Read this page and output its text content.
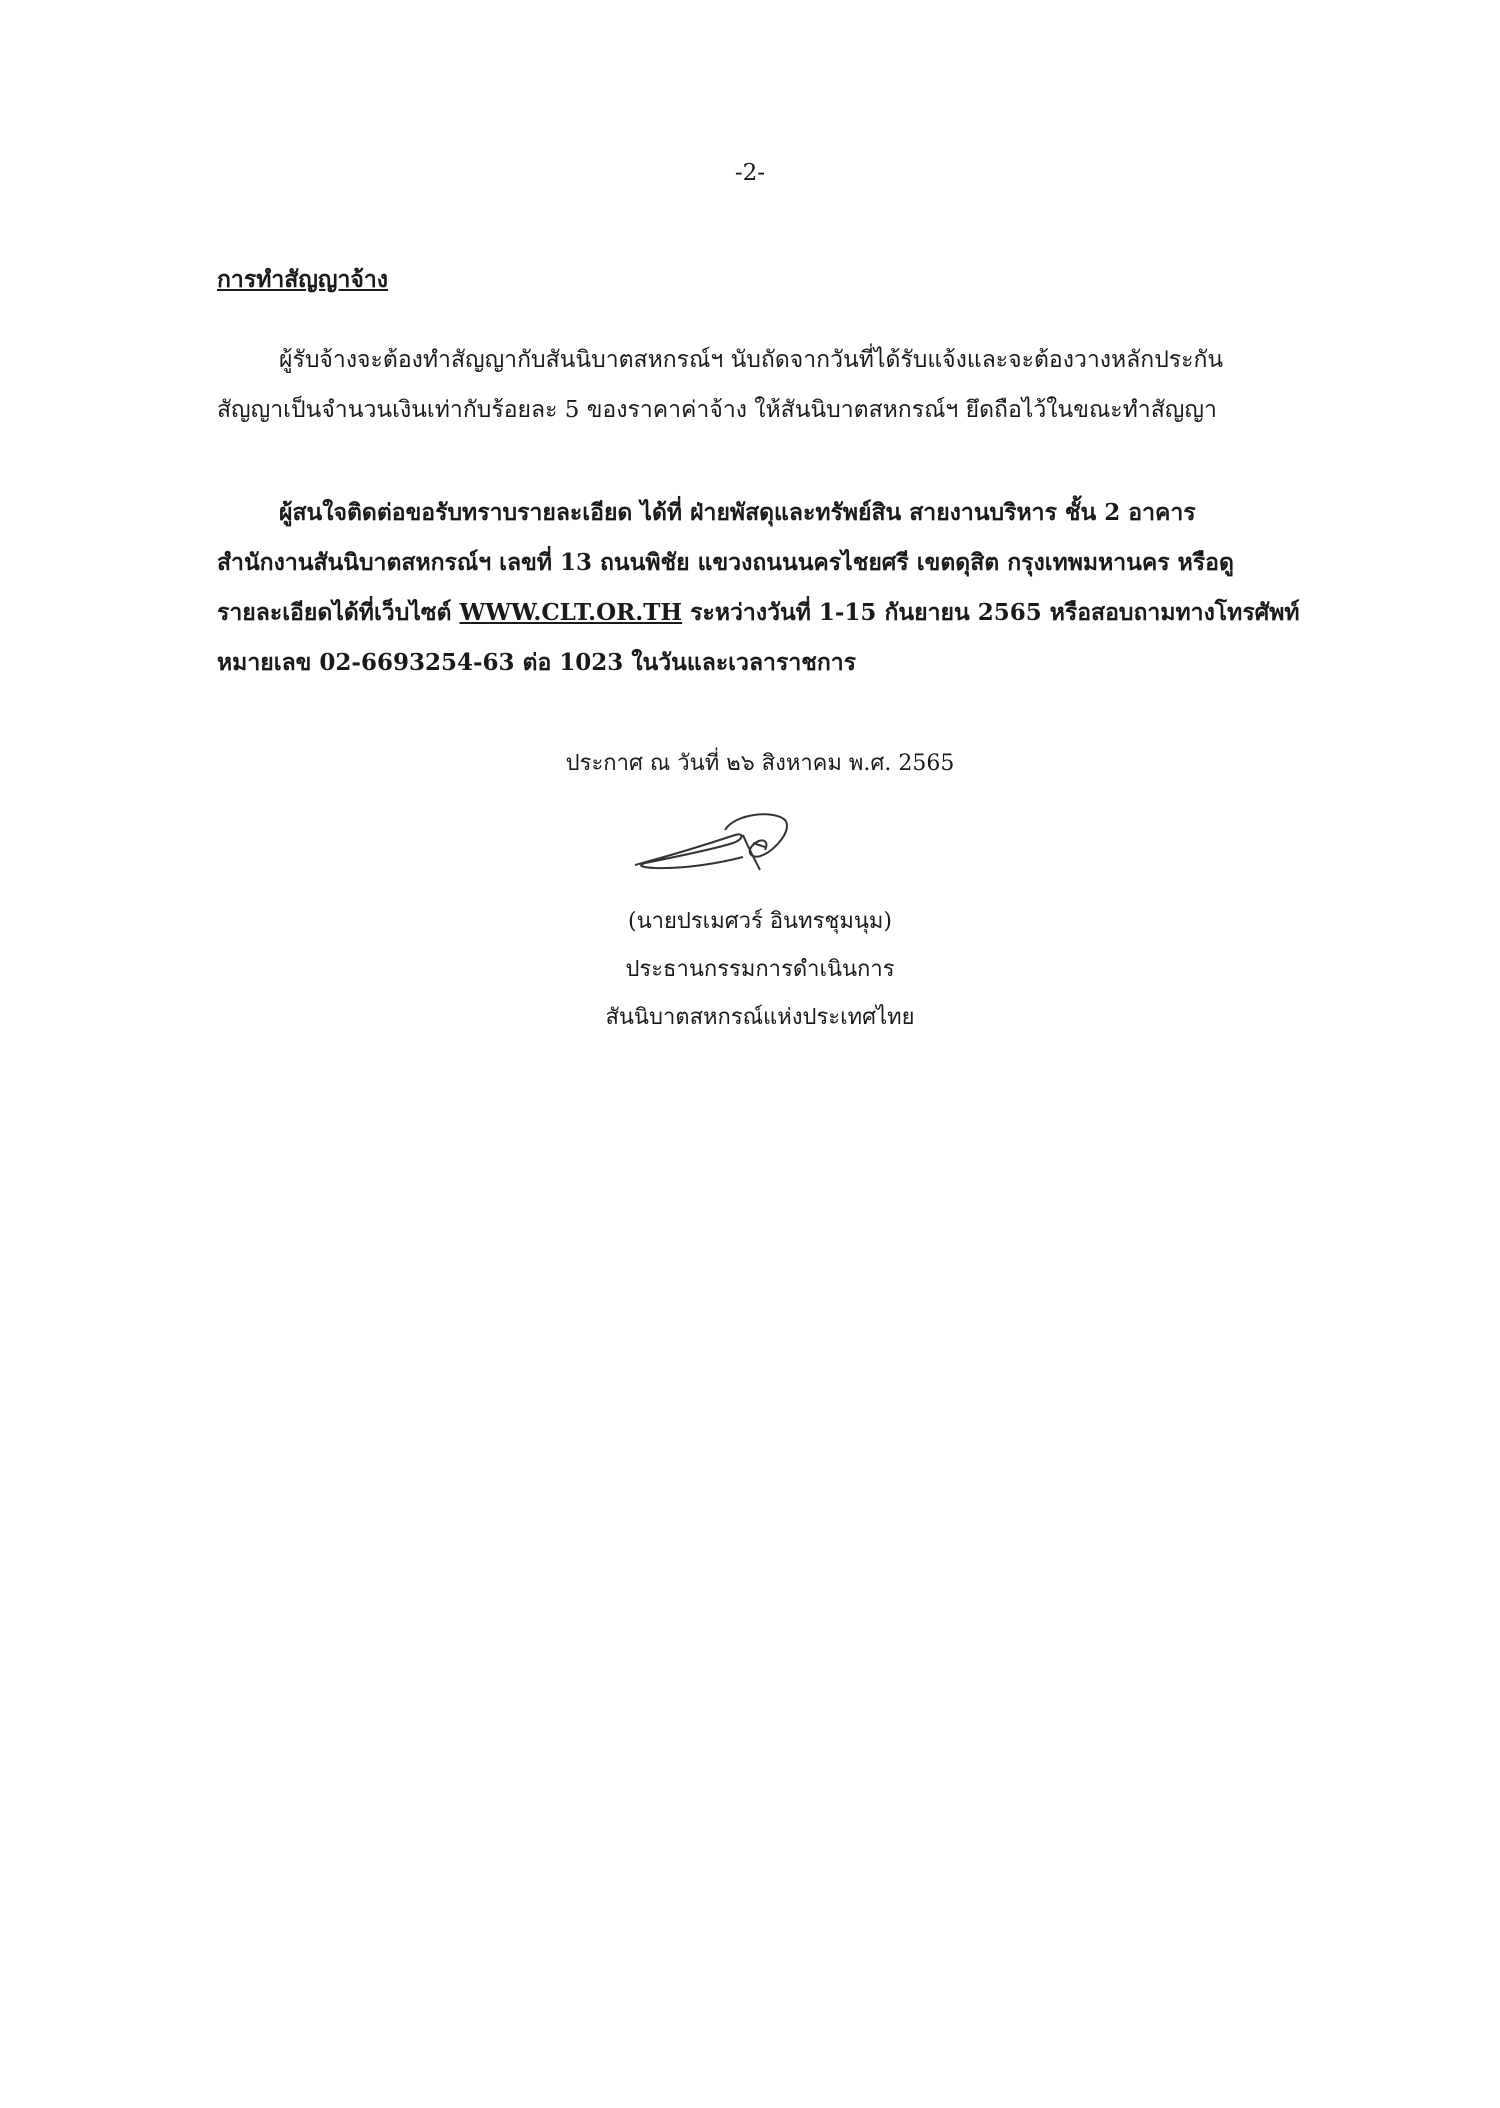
-2-
การทำสัญญาจ้าง
ผู้รับจ้างจะต้องทำสัญญากับสันนิบาตสหกรณ์ฯ นับถัดจากวันที่ได้รับแจ้งและจะต้องวางหลักประกัน
สัญญาเป็นจำนวนเงินเท่ากับร้อยละ 5 ของราคาค่าจ้าง ให้สันนิบาตสหกรณ์ฯ ยึดถือไว้ในขณะทำสัญญา
ผู้สนใจติดต่อขอรับทราบรายละเอียด ได้ที่ ฝ่ายพัสดุและทรัพย์สิน สายงานบริหาร ชั้น 2 อาคาร
สำนักงานสันนิบาตสหกรณ์ฯ เลขที่ 13 ถนนพิชัย แขวงถนนนครไชยศรี เขตดุสิต กรุงเทพมหานคร หรือดู
รายละเอียดได้ที่เว็บไซต์ WWW.CLT.OR.TH ระหว่างวันที่ 1-15 กันยายน 2565 หรือสอบถามทางโทรศัพท์
หมายเลข 02-6693254-63 ต่อ 1023 ในวันและเวลาราชการ
ประกาศ ณ วันที่ ๒๖ สิงหาคม พ.ศ. 2565
(นายปรเมศวร์ อินทรชุมนุม)
ประธานกรรมการดำเนินการ
สันนิบาตสหกรณ์แห่งประเทศไทย
